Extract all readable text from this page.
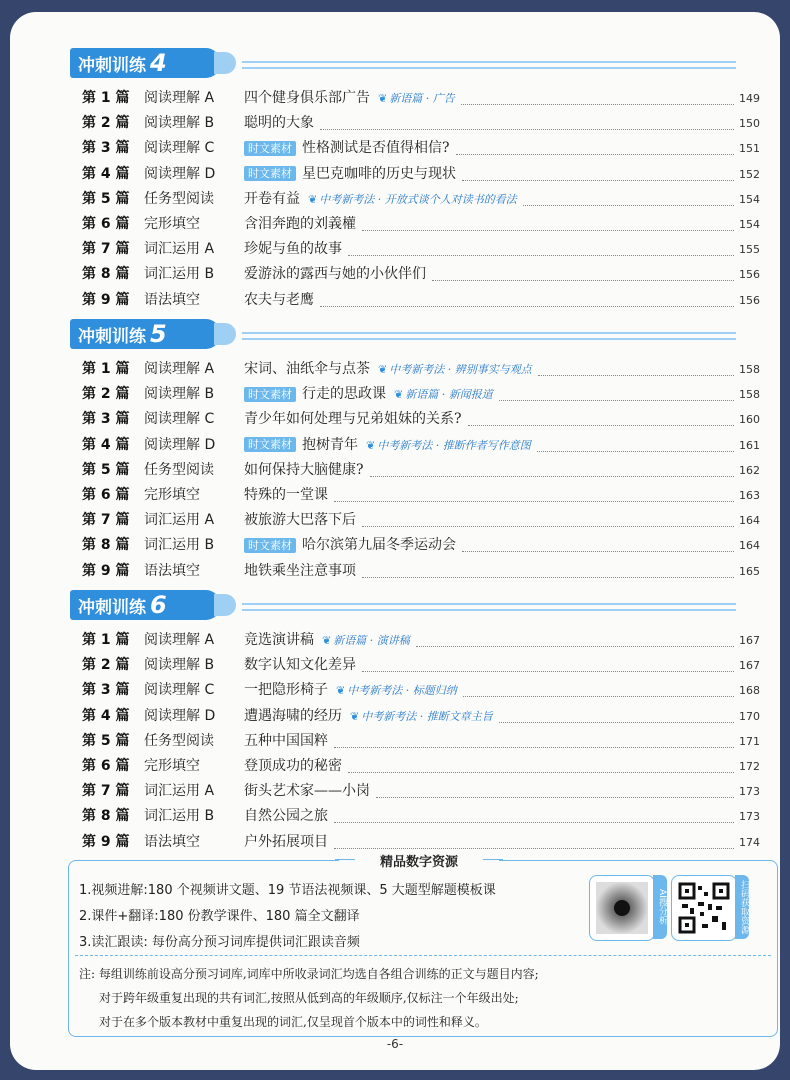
冲刺训练 4
第 1 篇 阅读理解 A 四个健身俱乐部广告 ❦ 新语篇 · 广告	149
第 2 篇 阅读理解 B 聪明的大象	150
第 3 篇 阅读理解 C	时文素材 性格测试是否值得相信?	151
第 4 篇 阅读理解 D	时文素材 星巴克咖啡的历史与现状	152
第 5 篇 任务型阅读 开卷有益 ❦ 中考新考法 · 开放式谈个人对读书的看法	154
第 6 篇 完形填空	含泪奔跑的刘義權	154
第 7 篇 词汇运用 A 珍妮与鱼的故事	155
第 8 篇 词汇运用 B 爱游泳的露西与她的小伙伴们	156
第 9 篇 语法填空	农夫与老鹰	156
冲刺训练 5
第 1 篇 阅读理解 A 宋词、油纸伞与点茶 ❦ 中考新考法 · 辨别事实与观点	158
第 2 篇 阅读理解 B	时文素材 行走的思政课 ❦ 新语篇 · 新闻报道	158
第 3 篇 阅读理解 C 青少年如何处理与兄弟姐妹的关系?	160
第 4 篇 阅读理解 D	时文素材 抱树青年 ❦ 中考新考法 · 推断作者写作意图	161
第 5 篇 任务型阅读 如何保持大脑健康?	162
第 6 篇 完形填空	特殊的一堂课	163
第 7 篇 词汇运用 A 被旅游大巴落下后	164
第 8 篇 词汇运用 B	时文素材 哈尔滨第九届冬季运动会	164
第 9 篇 语法填空	地铁乘坐注意事项	165
冲刺训练 6
第 1 篇 阅读理解 A 竞选演讲稿 ❦ 新语篇 · 演讲稿	167
第 2 篇 阅读理解 B 数字认知文化差异	167
第 3 篇 阅读理解 C 一把隐形椅子 ❦ 中考新考法 · 标题归纳	168
第 4 篇 阅读理解 D 遭遇海啸的经历 ❦ 中考新考法 · 推断文章主旨	170
第 5 篇 任务型阅读 五种中国国粹	171
第 6 篇 完形填空	登顶成功的秘密	172
第 7 篇 词汇运用 A 街头艺术家——小岗	173
第 8 篇 词汇运用 B 自然公园之旅	173
第 9 篇 语法填空	户外拓展项目	174
精品数字资源
1.视频进解:180 个视频讲文题、19 节语法视频课、5 大题型解题模板课
2.课件+翻译:180 份教学课件、180 篇全文翻译
3.读汇跟读: 每份高分预习词库提供词汇跟读音频
AI搜分析	扫码获取资源
注: 每组训练前设高分预习词库,词库中所收录词汇均选自各组合训练的正文与题目内容;
对于跨年级重复出现的共有词汇,按照从低到高的年级顺序,仅标注一个年级出处;
对于在多个版本教材中重复出现的词汇,仅呈现首个版本中的词性和释义。
-6-
